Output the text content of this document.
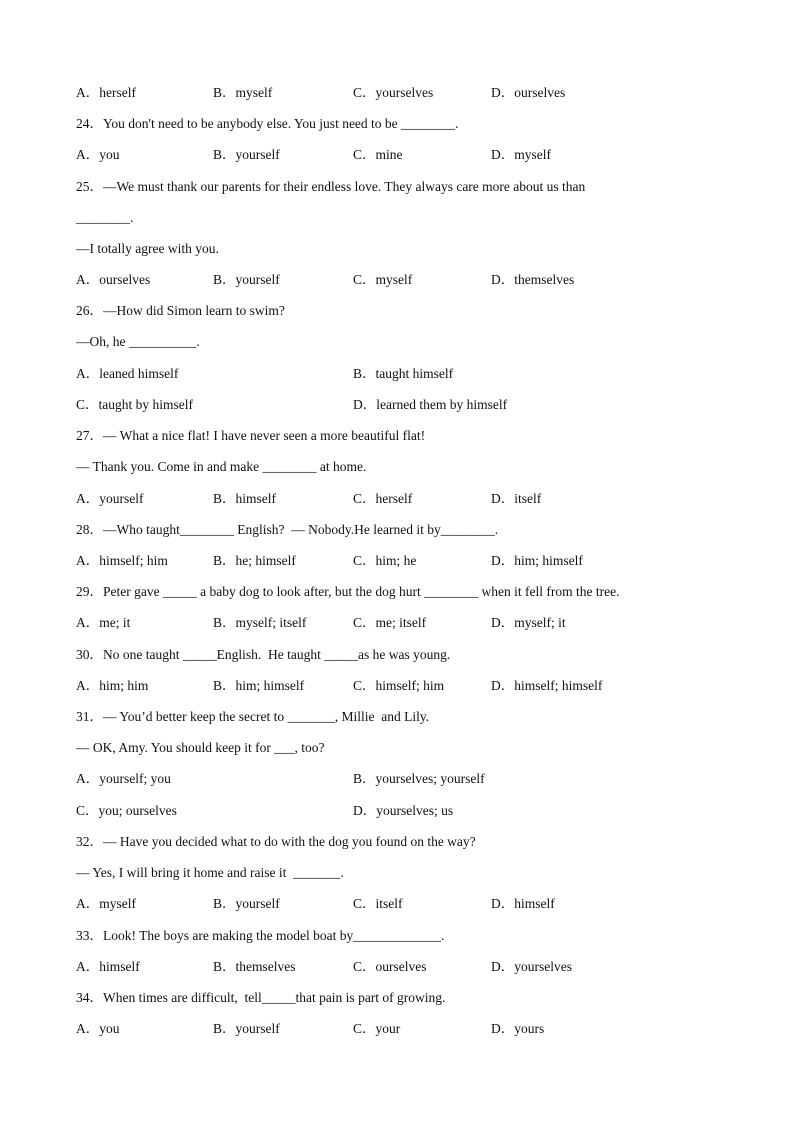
A．herself	B．myself	C．yourselves	D．ourselves
24．You don't need to be anybody else. You just need to be ________.
A．you	B．yourself	C．mine	D．myself
25．—We must thank our parents for their endless love. They always care more about us than
________.
—I totally agree with you.
A．ourselves	B．yourself	C．myself	D．themselves
26．—How did Simon learn to swim?
—Oh, he __________.
A．leaned himself	B．taught himself
C．taught by himself	D．learned them by himself
27．— What a nice flat! I have never seen a more beautiful flat!
— Thank you. Come in and make ________ at home.
A．yourself	B．himself	C．herself	D．itself
28．—Who taught________ English?  — Nobody.He learned it by________.
A．himself; him	B．he; himself	C．him; he	D．him; himself
29．Peter gave _____ a baby dog to look after, but the dog hurt ________ when it fell from the tree.
A．me; it	B．myself; itself	C．me; itself	D．myself; it
30．No one taught _____English.  He taught _____as he was young.
A．him; him	B．him; himself	C．himself; him	D．himself; himself
31．— You’d better keep the secret to _______, Millie  and Lily.
— OK, Amy. You should keep it for ___, too?
A．yourself; you	B．yourselves; yourself
C．you; ourselves	D．yourselves; us
32．— Have you decided what to do with the dog you found on the way?
— Yes, I will bring it home and raise it  _______.
A．myself	B．yourself	C．itself	D．himself
33．Look! The boys are making the model boat by_____________.
A．himself	B．themselves	C．ourselves	D．yourselves
34．When times are difficult,  tell_____that pain is part of growing.
A．you	B．yourself	C．your	D．yours
